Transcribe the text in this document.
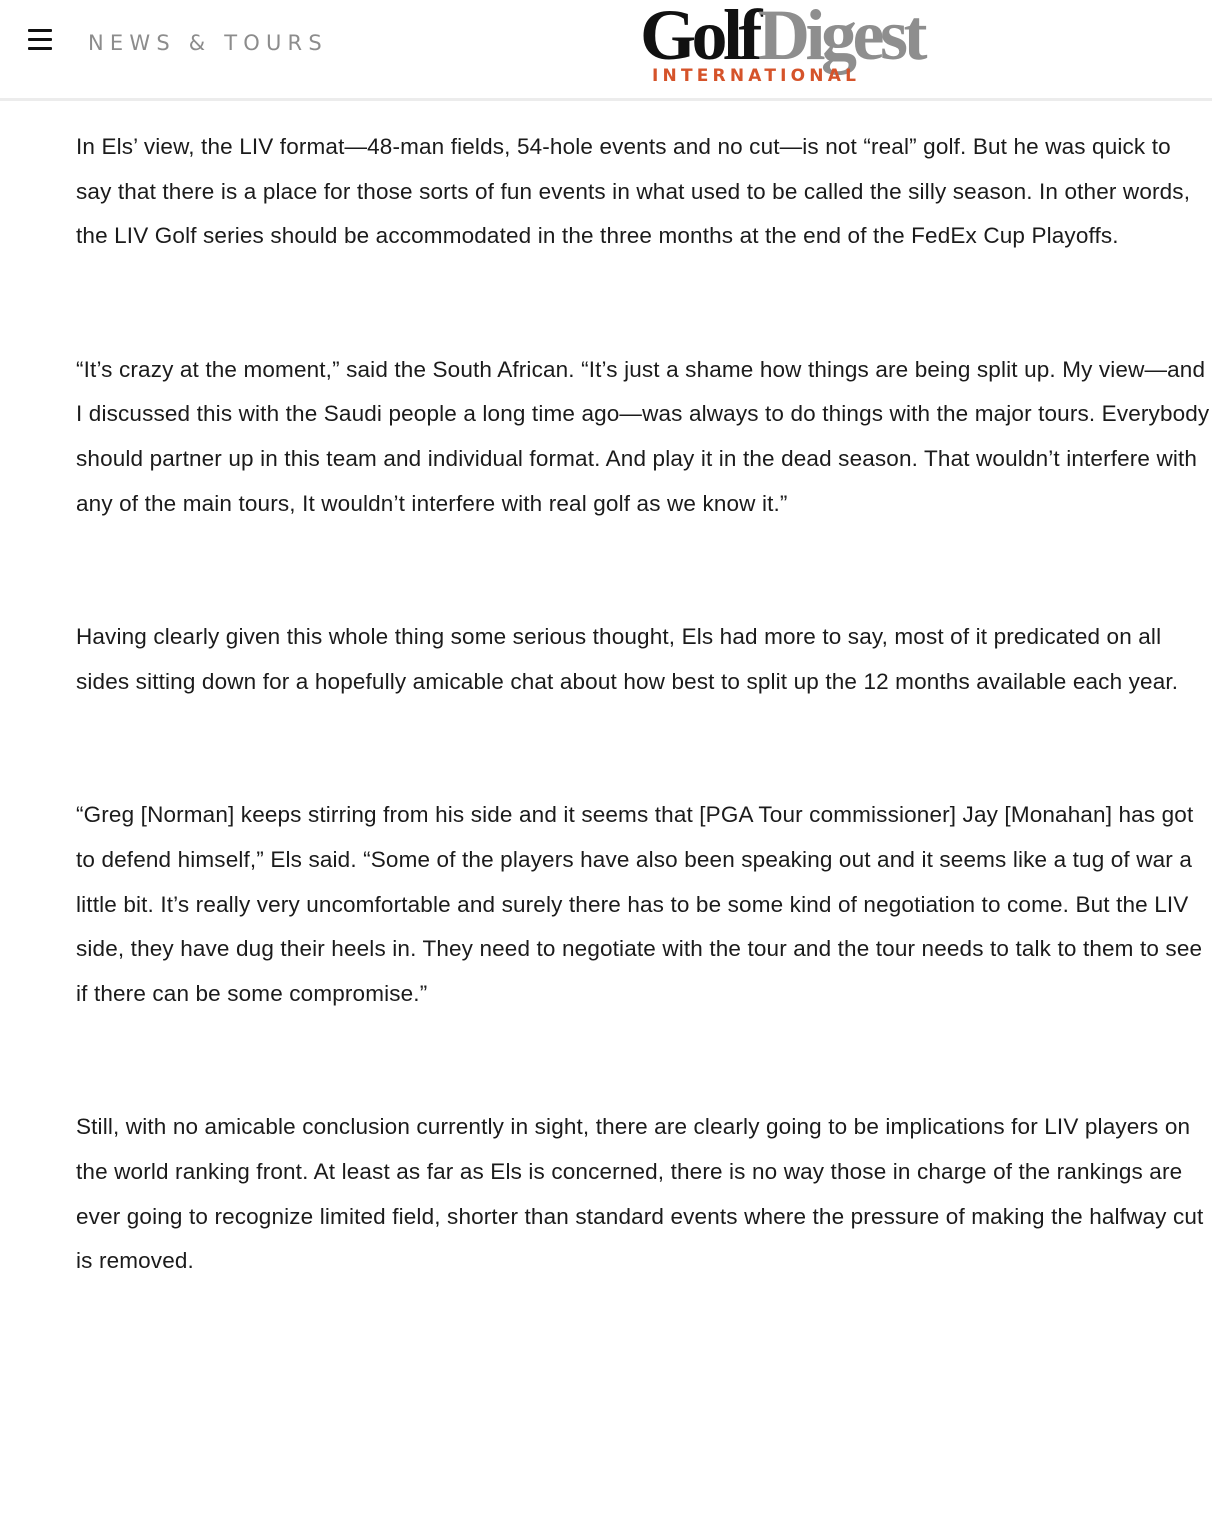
NEWS & TOURS	GolfDigest
INTERNATIONAL

In Els’ view, the LIV format—48-man fields, 54-hole events and no cut—is not “real” golf. But he was quick to say that there is a place for those sorts of fun events in what used to be called the silly season. In other words, the LIV Golf series should be accommodated in the three months at the end of the FedEx Cup Playoffs.

“It’s crazy at the moment,” said the South African. “It’s just a shame how things are being split up. My view—and I discussed this with the Saudi people a long time ago—was always to do things with the major tours. Everybody should partner up in this team and individual format. And play it in the dead season. That wouldn’t interfere with any of the main tours, It wouldn’t interfere with real golf as we know it.”

Having clearly given this whole thing some serious thought, Els had more to say, most of it predicated on all sides sitting down for a hopefully amicable chat about how best to split up the 12 months available each year.

“Greg [Norman] keeps stirring from his side and it seems that [PGA Tour commissioner] Jay [Monahan] has got to defend himself,” Els said. “Some of the players have also been speaking out and it seems like a tug of war a little bit. It’s really very uncomfortable and surely there has to be some kind of negotiation to come. But the LIV side, they have dug their heels in. They need to negotiate with the tour and the tour needs to talk to them to see if there can be some compromise.”

Still, with no amicable conclusion currently in sight, there are clearly going to be implications for LIV players on the world ranking front. At least as far as Els is concerned, there is no way those in charge of the rankings are ever going to recognize limited field, shorter than standard events where the pressure of making the halfway cut is removed.
